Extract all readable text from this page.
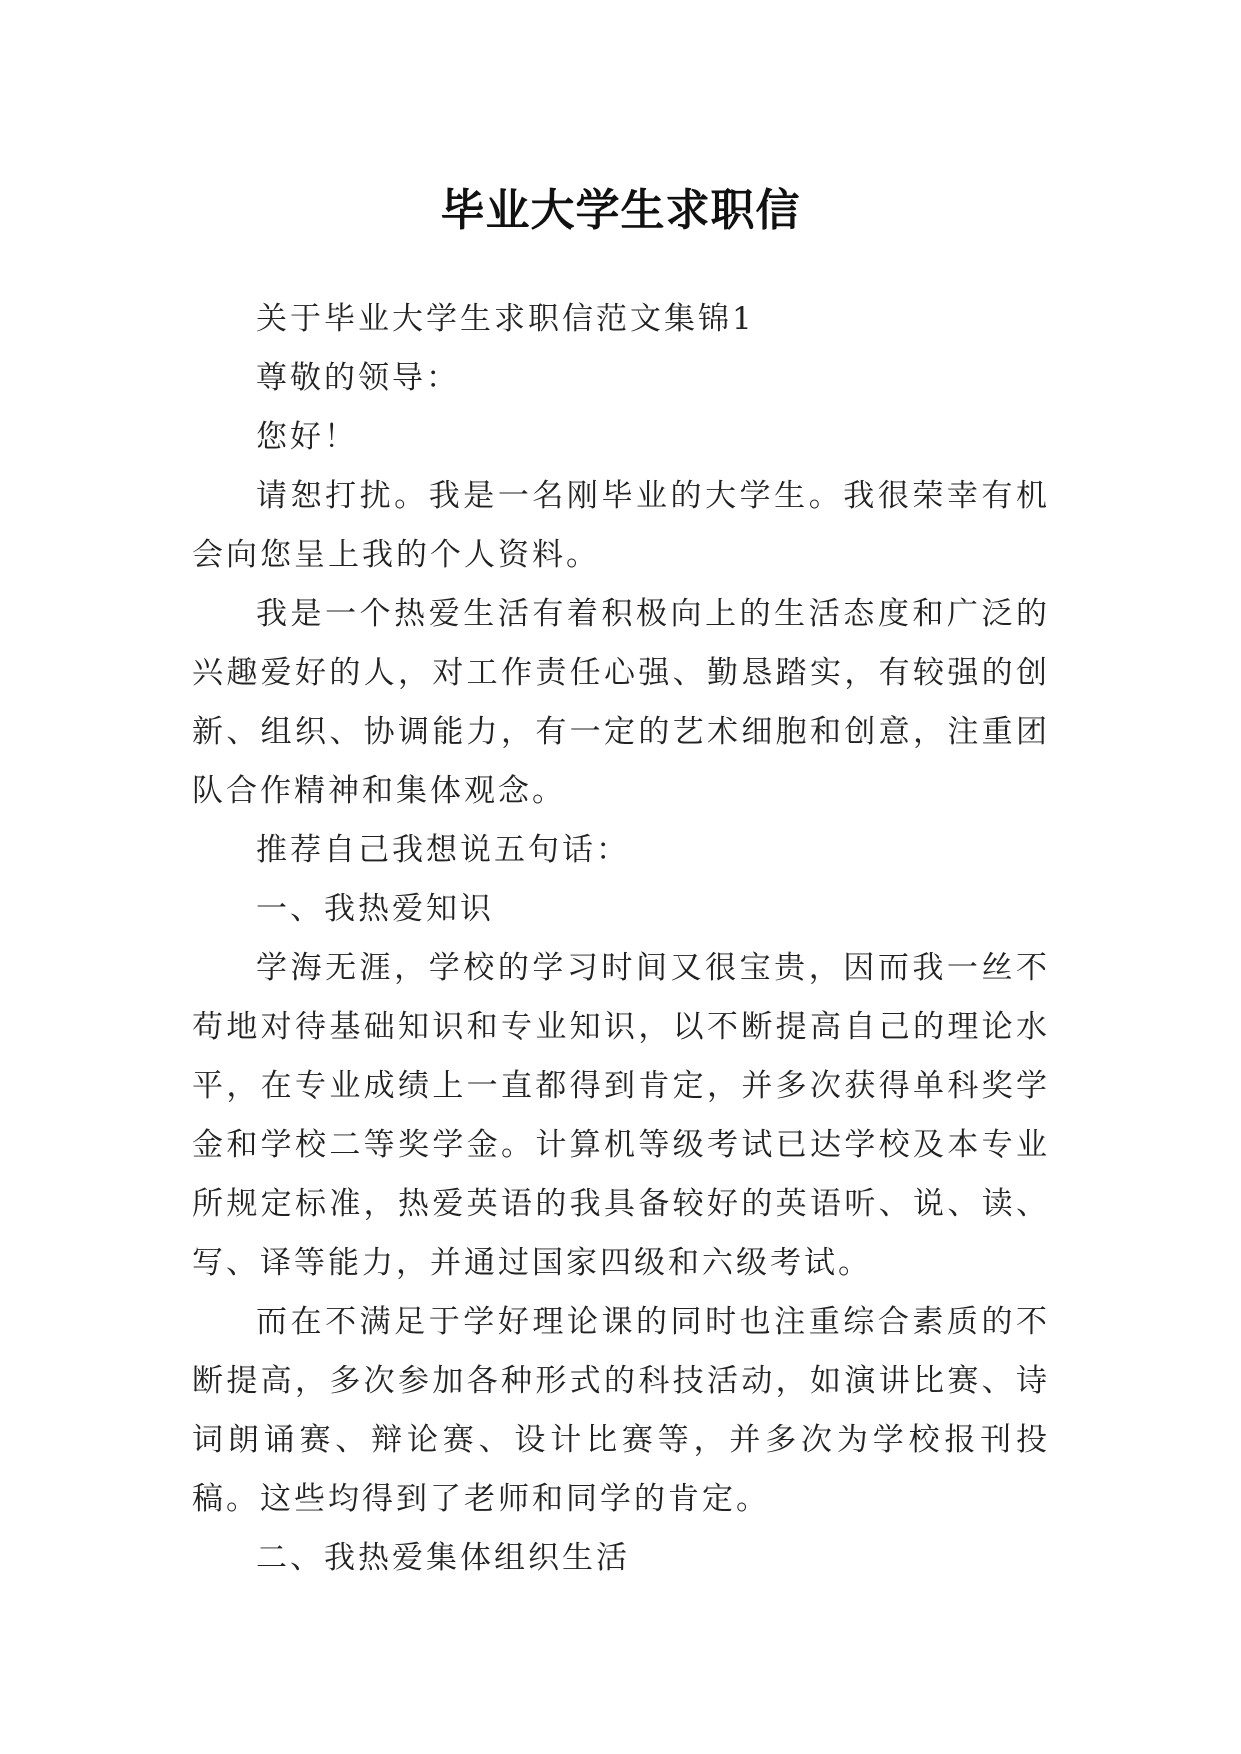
毕业大学生求职信

关于毕业大学生求职信范文集锦1

尊敬的领导：

您好！

请恕打扰。我是一名刚毕业的大学生。我很荣幸有机会向您呈上我的个人资料。

我是一个热爱生活有着积极向上的生活态度和广泛的兴趣爱好的人，对工作责任心强、勤恳踏实，有较强的创新、组织、协调能力，有一定的艺术细胞和创意，注重团队合作精神和集体观念。

推荐自己我想说五句话：

一、我热爱知识

学海无涯，学校的学习时间又很宝贵，因而我一丝不苟地对待基础知识和专业知识，以不断提高自己的理论水平，在专业成绩上一直都得到肯定，并多次获得单科奖学金和学校二等奖学金。计算机等级考试已达学校及本专业所规定标准，热爱英语的我具备较好的英语听、说、读、写、译等能力，并通过国家四级和六级考试。

而在不满足于学好理论课的同时也注重综合素质的不断提高，多次参加各种形式的科技活动，如演讲比赛、诗词朗诵赛、辩论赛、设计比赛等，并多次为学校报刊投稿。这些均得到了老师和同学的肯定。

二、我热爱集体组织生活
